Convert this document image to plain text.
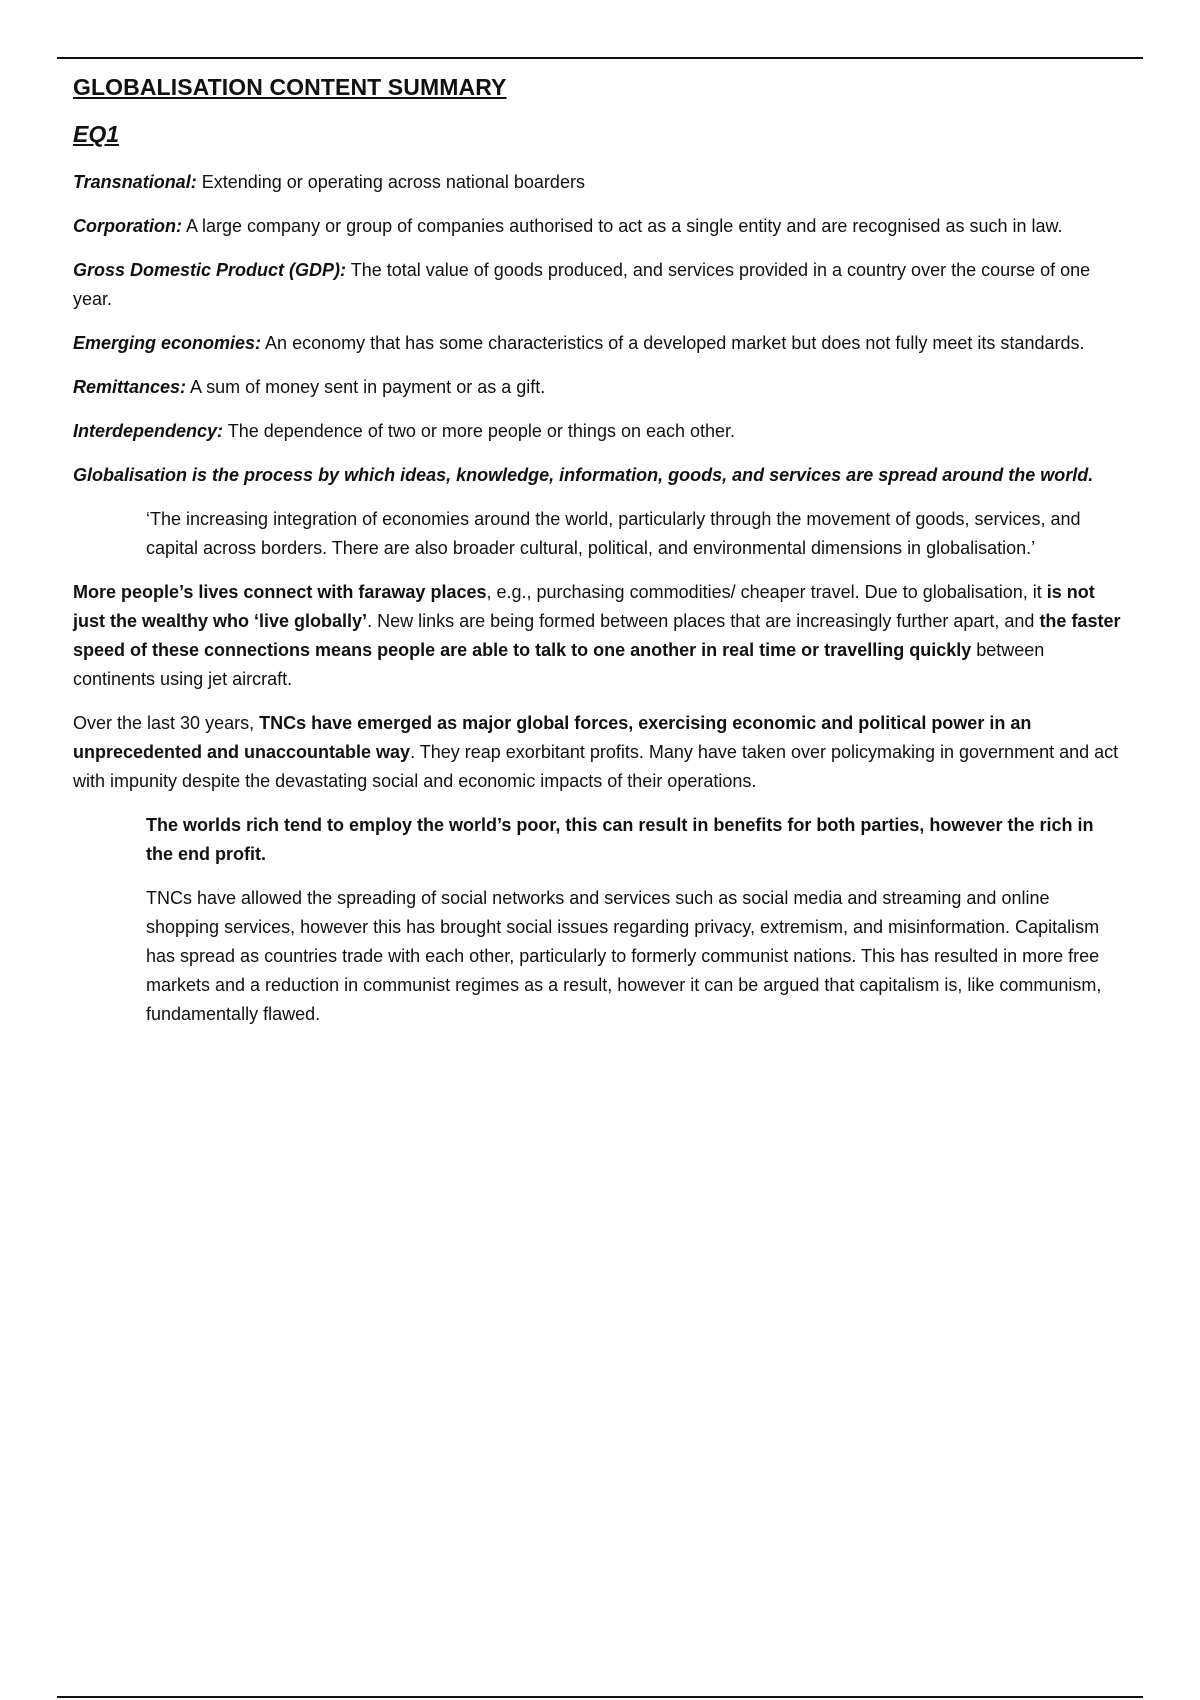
GLOBALISATION CONTENT SUMMARY
EQ1

Transnational: Extending or operating across national boarders

Corporation: A large company or group of companies authorised to act as a single entity and are recognised as such in law.

Gross Domestic Product (GDP): The total value of goods produced, and services provided in a country over the course of one year.

Emerging economies: An economy that has some characteristics of a developed market but does not fully meet its standards.

Remittances: A sum of money sent in payment or as a gift.

Interdependency: The dependence of two or more people or things on each other.

Globalisation is the process by which ideas, knowledge, information, goods, and services are spread around the world.

‘The increasing integration of economies around the world, particularly through the movement of goods, services, and capital across borders. There are also broader cultural, political, and environmental dimensions in globalisation.’

More people’s lives connect with faraway places, e.g., purchasing commodities/ cheaper travel. Due to globalisation, it is not just the wealthy who ‘live globally’. New links are being formed between places that are increasingly further apart, and the faster speed of these connections means people are able to talk to one another in real time or travelling quickly between continents using jet aircraft.

Over the last 30 years, TNCs have emerged as major global forces, exercising economic and political power in an unprecedented and unaccountable way. They reap exorbitant profits. Many have taken over policymaking in government and act with impunity despite the devastating social and economic impacts of their operations.

The worlds rich tend to employ the world’s poor, this can result in benefits for both parties, however the rich in the end profit.

TNCs have allowed the spreading of social networks and services such as social media and streaming and online shopping services, however this has brought social issues regarding privacy, extremism, and misinformation. Capitalism has spread as countries trade with each other, particularly to formerly communist nations. This has resulted in more free markets and a reduction in communist regimes as a result, however it can be argued that capitalism is, like communism, fundamentally flawed.
